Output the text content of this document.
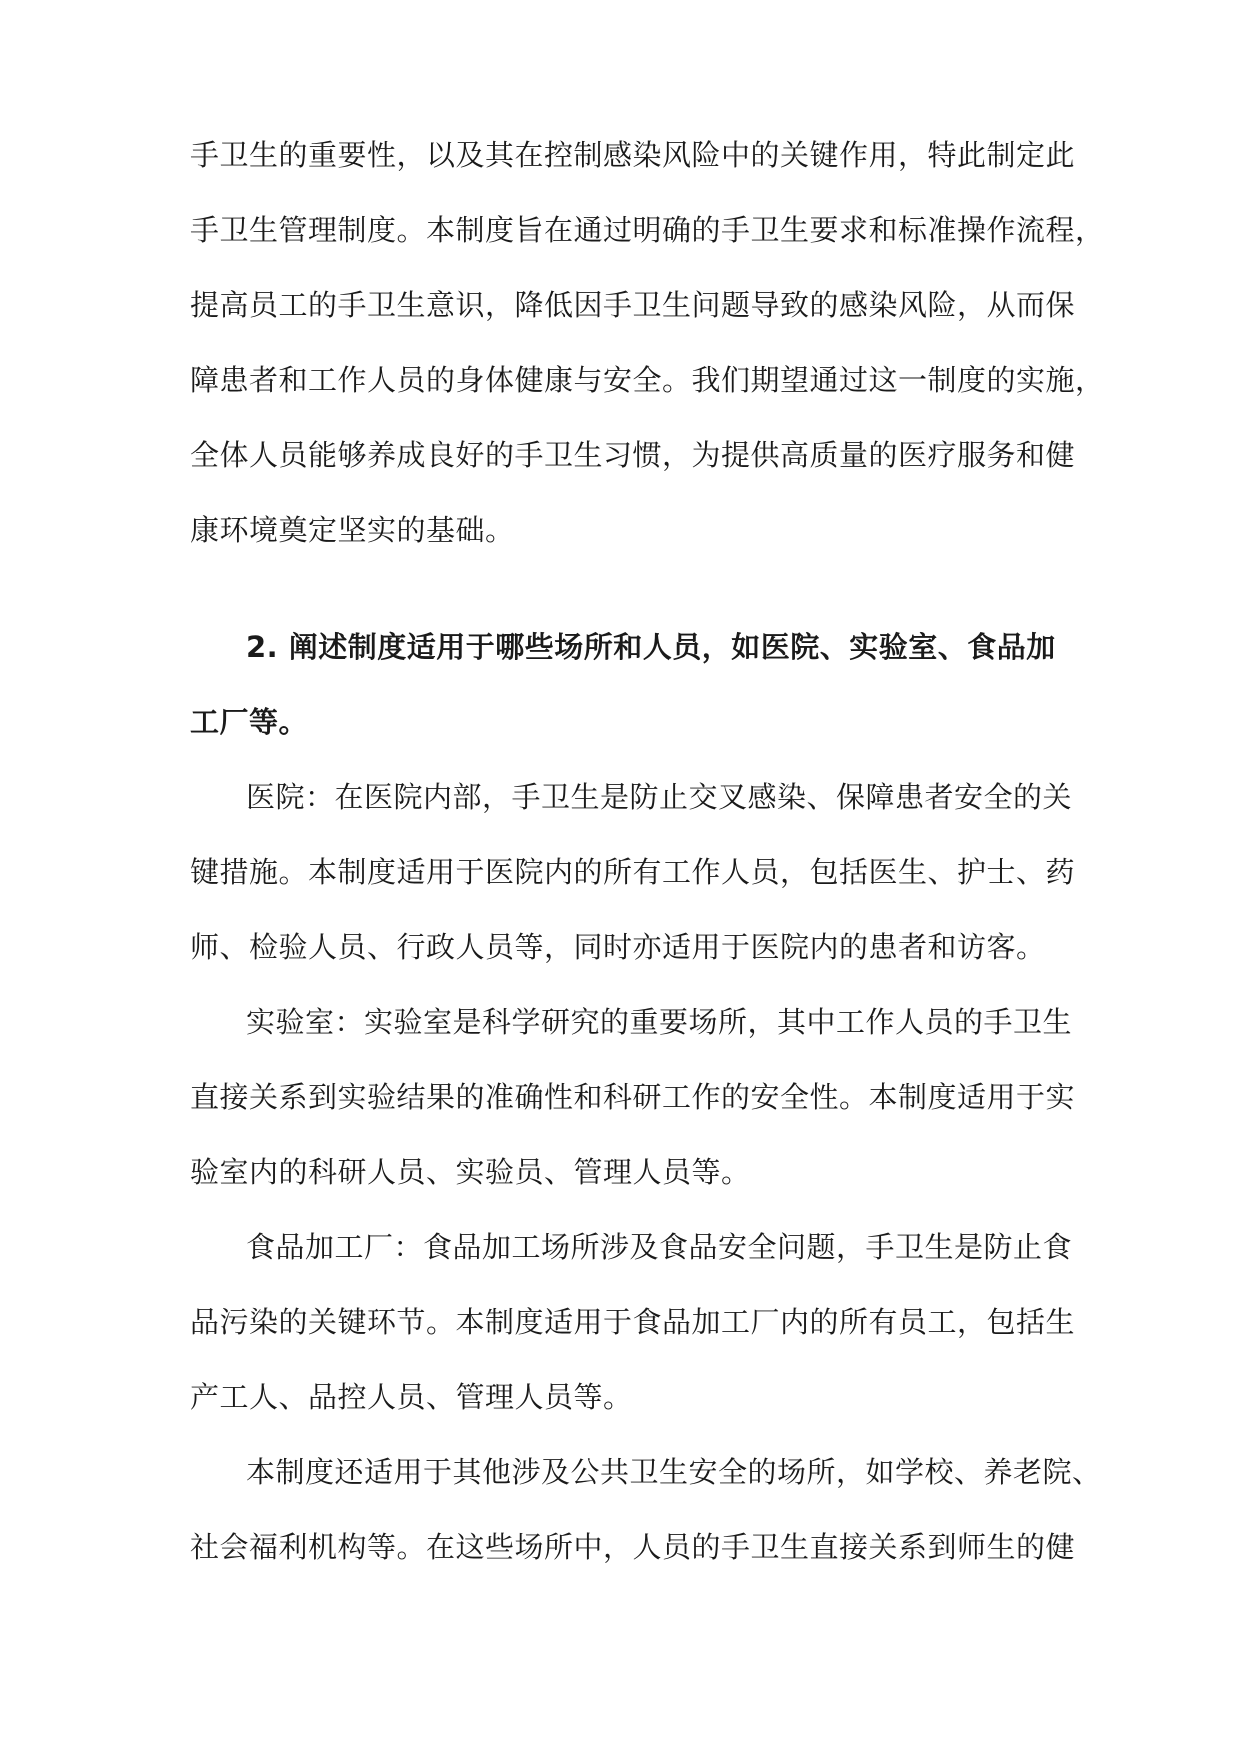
手卫生的重要性，以及其在控制感染风险中的关键作用，特此制定此
手卫生管理制度。本制度旨在通过明确的手卫生要求和标准操作流程，
提高员工的手卫生意识，降低因手卫生问题导致的感染风险，从而保
障患者和工作人员的身体健康与安全。我们期望通过这一制度的实施，
全体人员能够养成良好的手卫生习惯，为提供高质量的医疗服务和健
康环境奠定坚实的基础。
2. 阐述制度适用于哪些场所和人员，如医院、实验室、食品加
工厂等。
医院：在医院内部，手卫生是防止交叉感染、保障患者安全的关
键措施。本制度适用于医院内的所有工作人员，包括医生、护士、药
师、检验人员、行政人员等，同时亦适用于医院内的患者和访客。
实验室：实验室是科学研究的重要场所，其中工作人员的手卫生
直接关系到实验结果的准确性和科研工作的安全性。本制度适用于实
验室内的科研人员、实验员、管理人员等。
食品加工厂：食品加工场所涉及食品安全问题，手卫生是防止食
品污染的关键环节。本制度适用于食品加工厂内的所有员工，包括生
产工人、品控人员、管理人员等。
本制度还适用于其他涉及公共卫生安全的场所，如学校、养老院、
社会福利机构等。在这些场所中，人员的手卫生直接关系到师生的健
